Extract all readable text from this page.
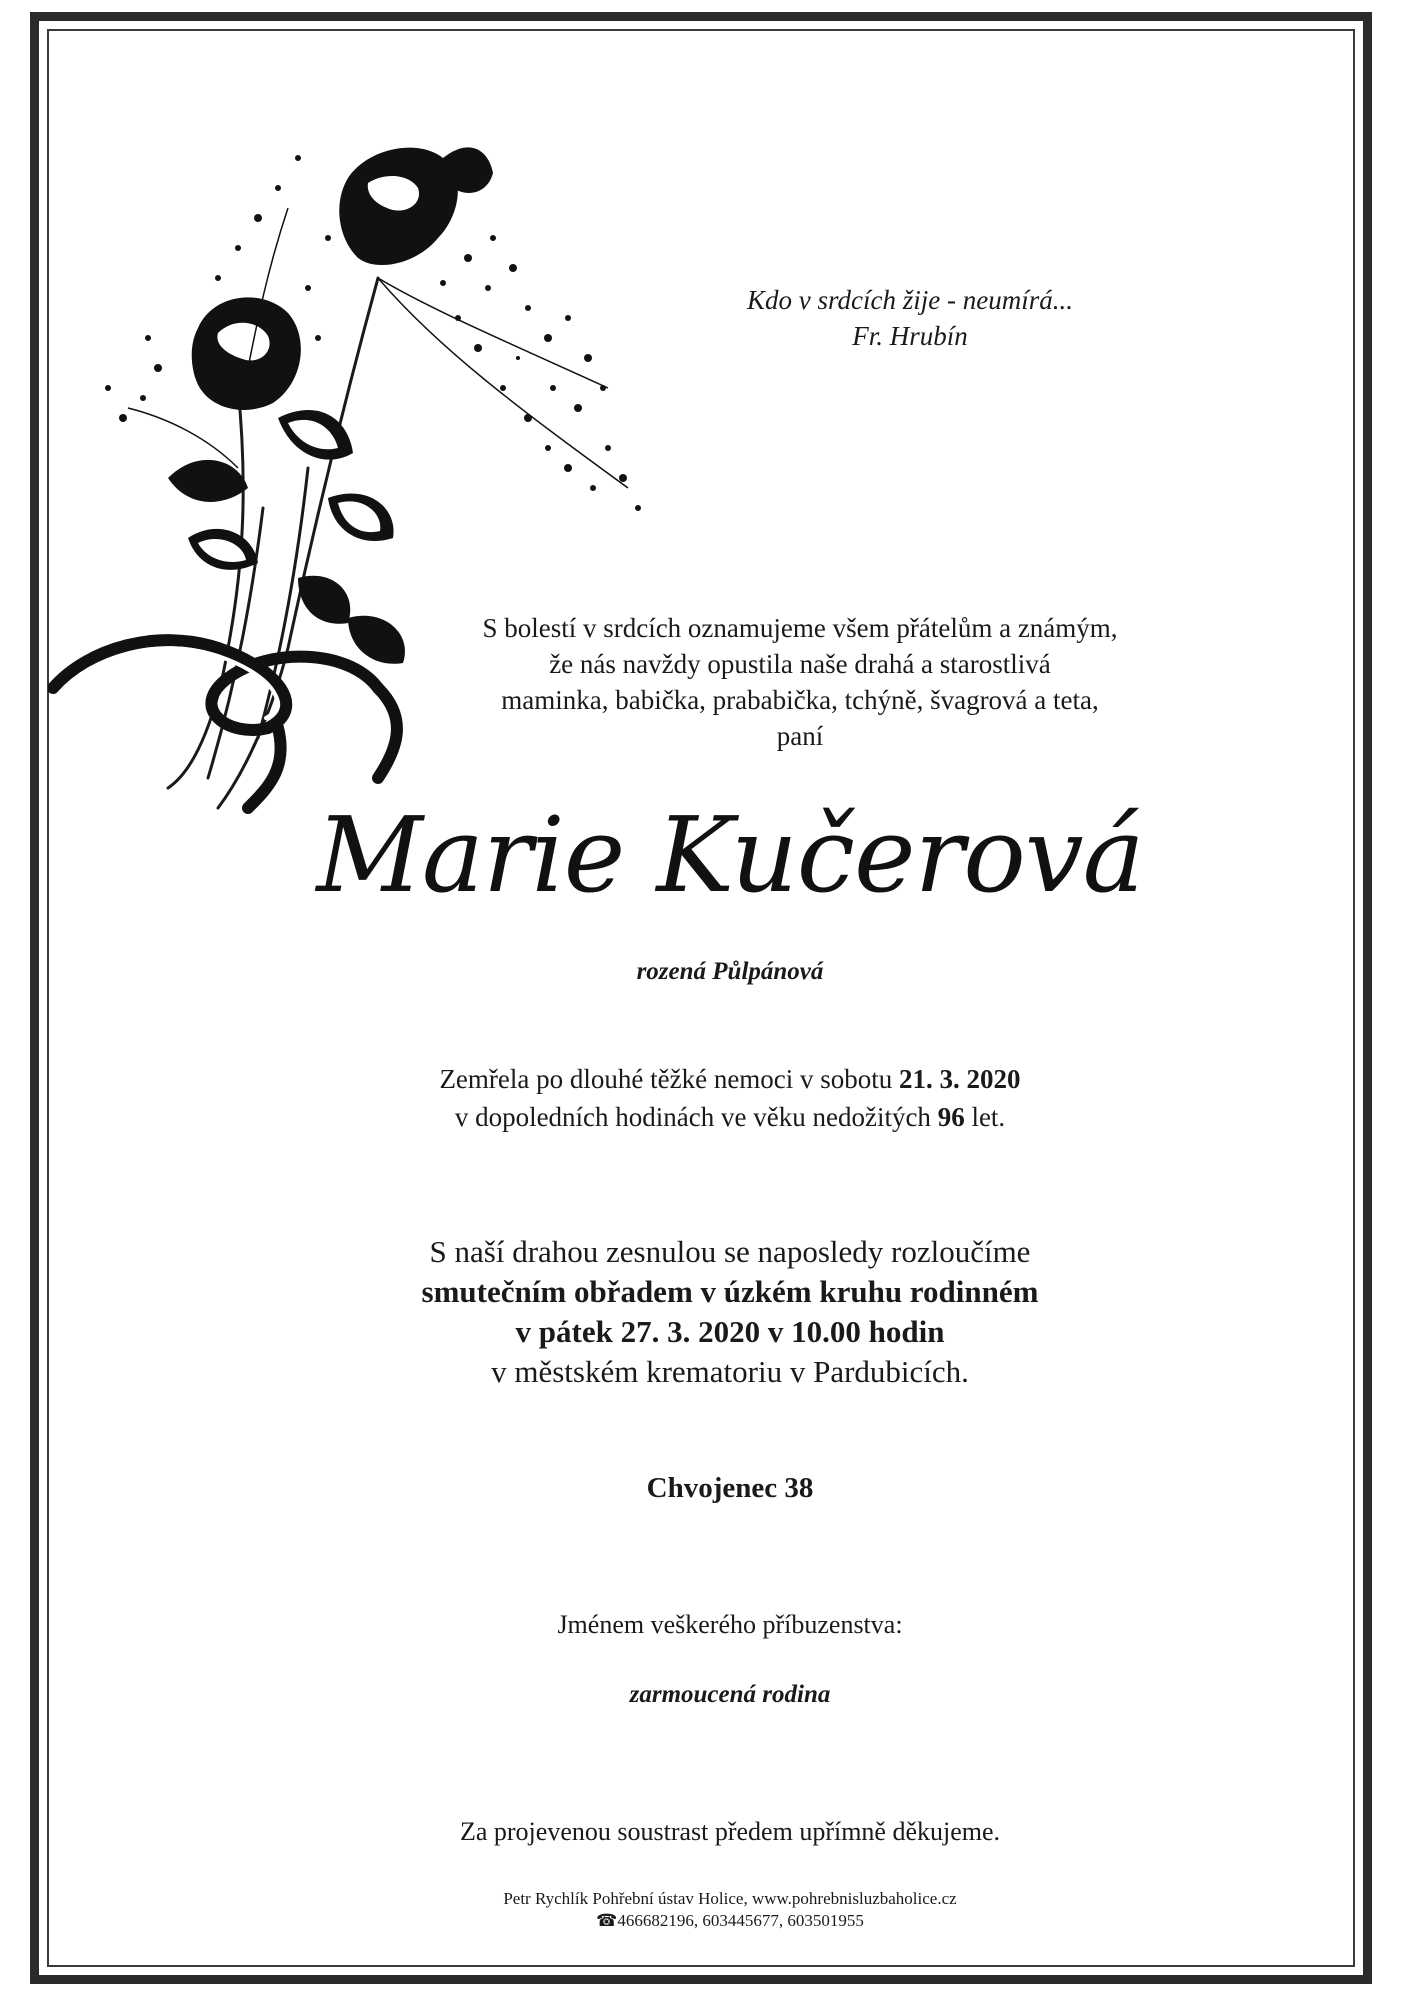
Kdo v srdcích žije - neumírá...
Fr. Hrubín
S bolestí v srdcích oznamujeme všem přátelům a známým,
že nás navždy opustila naše drahá a starostlivá
maminka, babička, prababička, tchýně, švagrová a teta,
paní
Marie Kučerová
rozená Půlpánová
Zemřela po dlouhé těžké nemoci v sobotu 21. 3. 2020
v dopoledních hodinách ve věku nedožitých 96 let.
S naší drahou zesnulou se naposledy rozloučíme
smutečním obřadem v úzkém kruhu rodinném
v pátek 27. 3. 2020 v 10.00 hodin
v městském krematoriu v Pardubicích.
Chvojenec 38
Jménem veškerého příbuzenstva:
zarmoucená rodina
Za projevenou soustrast předem upřímně děkujeme.
Petr Rychlík Pohřební ústav Holice, www.pohrebnisluzbaholice.cz
☎466682196, 603445677, 603501955
